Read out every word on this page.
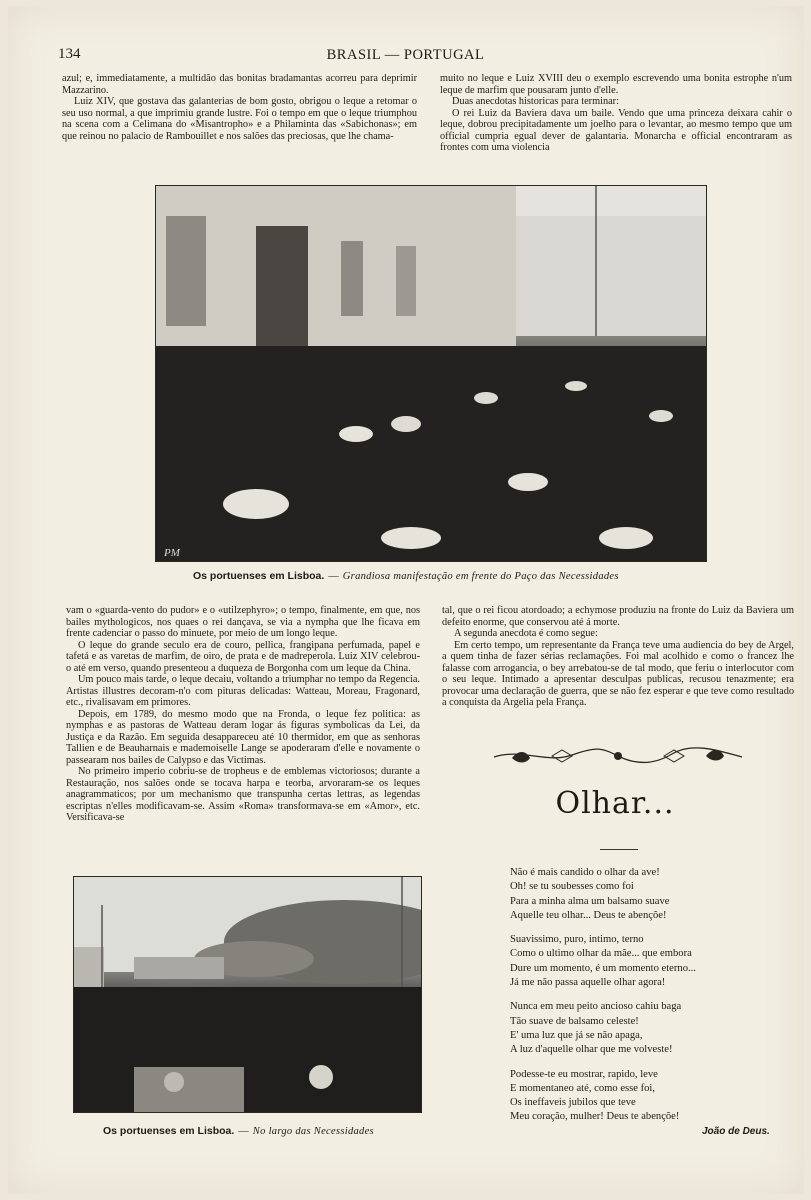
134	BRASIL — PORTUGAL

azul; e, immediatamente, a multidão das bonitas bradamantas acorreu para deprimir Mazzarino.

Luiz XIV, que gostava das galanterias de bom gosto, obrigou o leque a retomar o seu uso normal, a que imprimiu grande lustre. Foi o tempo em que o leque triumphou na scena com a Celimana do «Misantropho» e a Philaminta das «Sabichonas»; em que reinou no palacio de Rambouillet e nos salões das preciosas, que lhe chama-

muito no leque e Luiz XVIII deu o exemplo escrevendo uma bonita estrophe n'um leque de marfim que pousaram junto d'elle.

Duas anecdotas historicas para terminar:

O rei Luiz da Baviera dava um baile. Vendo que uma princeza deixara cahir o leque, dobrou precipitadamente um joelho para o levantar, ao mesmo tempo que um official cumpria egual dever de galantaria. Monarcha e official encontraram as frontes com uma violencia

PM
Os portuenses em Lisboa. — Grandiosa manifestação em frente do Paço das Necessidades

vam o «guarda-vento do pudor» e o «utilzephyro»; o tempo, finalmente, em que, nos bailes mythologicos, nos quaes o rei dançava, se via a nympha que lhe ficava em frente cadenciar o passo do minuete, por meio de um longo leque.

O leque do grande seculo era de couro, pellica, frangipana perfumada, papel e tafetá e as varetas de marfim, de oiro, de prata e de madreperola. Luiz XIV celebrou-o até em verso, quando presenteou a duqueza de Borgonha com um leque da China.

Um pouco mais tarde, o leque decaiu, voltando a triumphar no tempo da Regencia. Artistas illustres decoram-n'o com pituras delicadas: Watteau, Moreau, Fragonard, etc., rivalisavam em primores.

Depois, em 1789, do mesmo modo que na Fronda, o leque fez politica: as nymphas e as pastoras de Watteau deram logar ás figuras symbolicas da Lei, da Justiça e da Razão. Em seguida desappareceu até 10 thermidor, em que as senhoras Tallien e de Beauharnais e mademoiselle Lange se apoderaram d'elle e novamente o passearam nos bailes de Calypso e das Victimas.

No primeiro imperio cobriu-se de tropheus e de emblemas victoriosos; durante a Restauração, nos salões onde se tocava harpa e teorba, arvoraram-se os leques anagrammaticos; por um mechanismo que transpunha certas lettras, as legendas escriptas n'elles modificavam-se. Assim «Roma» transformava-se em «Amor», etc. Versificava-se

tal, que o rei ficou atordoado; a echymose produziu na fronte do Luiz da Baviera um defeito enorme, que conservou até á morte.

A segunda anecdota é como segue:

Em certo tempo, um representante da França teve uma audiencia do bey de Argel, a quem tinha de fazer sérias reclamações. Foi mal acolhido e como o francez lhe falasse com arrogancia, o bey arrebatou-se de tal modo, que feriu o interlocutor com o seu leque. Intimado a apresentar desculpas publicas, recusou tenazmente; era provocar uma declaração de guerra, que se não fez esperar e que teve como resultado a conquista da Argelia pela França.

Os portuenses em Lisboa. — No largo das Necessidades
Olhar...
Não é mais candido o olhar da ave!
Oh! se tu soubesses como foi
Para a minha alma um balsamo suave
Aquelle teu olhar... Deus te abençõe!
Suavissimo, puro, intimo, terno
Como o ultimo olhar da mãe... que embora
Dure um momento, é um momento eterno...
Já me não passa aquelle olhar agora!
Nunca em meu peito ancioso cahiu baga
Tão suave de balsamo celeste!
E' uma luz que já se não apaga,
A luz d'aquelle olhar que me volveste!
Podesse-te eu mostrar, rapido, leve
E momentaneo até, como esse foi,
Os ineffaveis jubilos que teve
Meu coração, mulher! Deus te abençõe!
João de Deus.
